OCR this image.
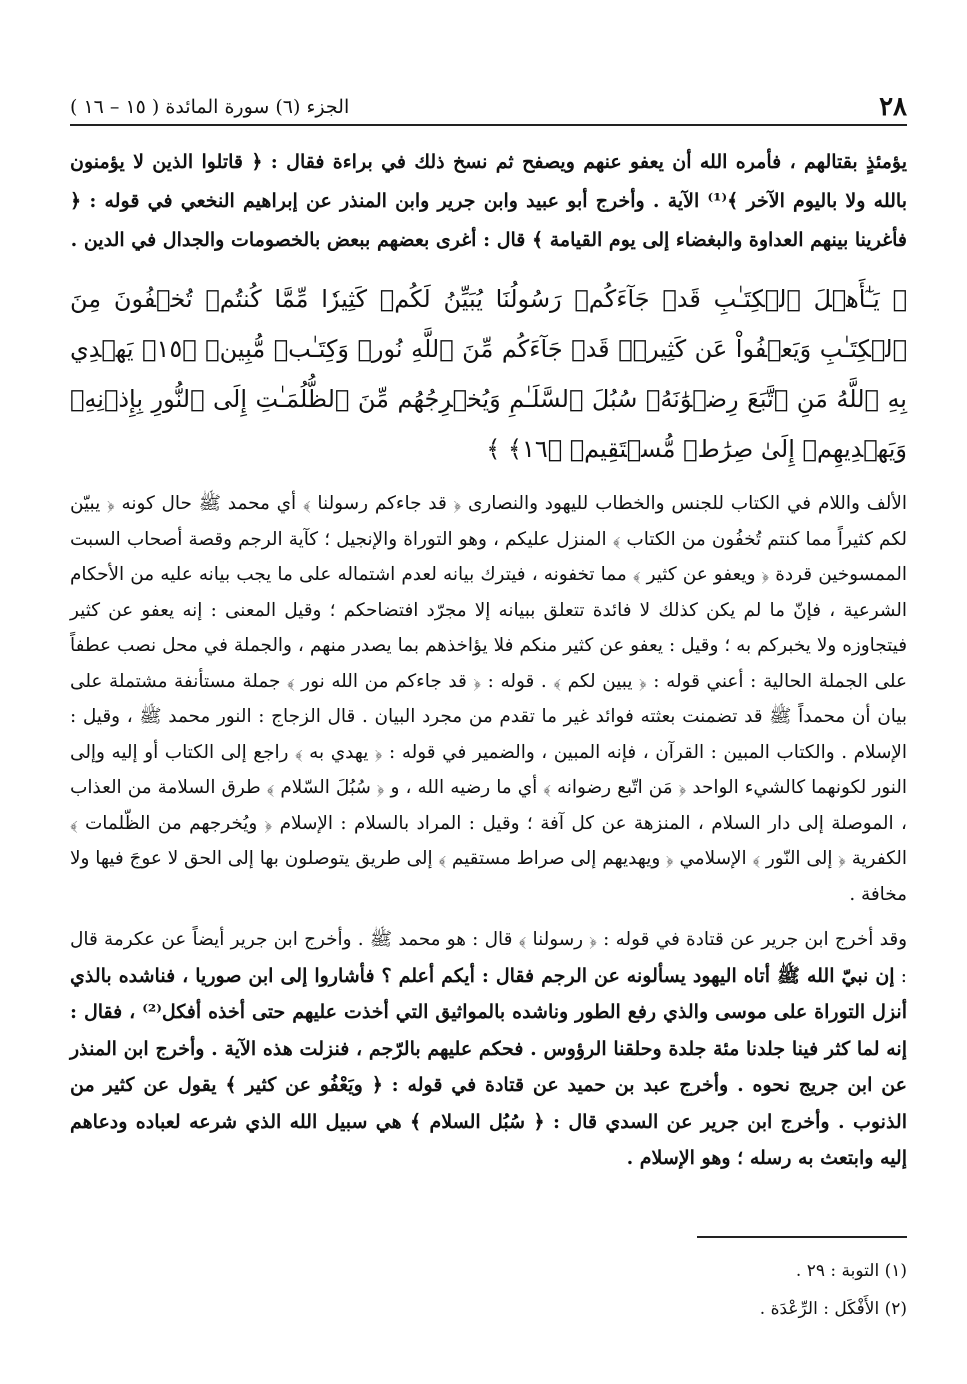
٢٨
الجزء (٦) سورة المائدة ( ١٥ – ١٦ )

يؤمئذٍ بقتالهم ، فأمره الله أن يعفو عنهم ويصفح ثم نسخ ذلك في براءة فقال : ﴿ قاتلوا الذين لا يؤمنون بالله ولا باليوم الآخر ﴾⁽¹⁾ الآية . وأخرج أبو عبيد وابن جرير وابن المنذر عن إبراهيم النخعي في قوله : ﴿ فأغرينا بينهم العداوة والبغضاء إلى يوم القيامة ﴾ قال : أغرى بعضهم ببعض بالخصومات والجدال في الدين .

﴿ يَـٰٓأَهۡلَ ٱلۡكِتَـٰبِ قَدۡ جَآءَكُمۡ رَسُولُنَا يُبَيِّنُ لَكُمۡ كَثِيرٗا مِّمَّا كُنتُمۡ تُخۡفُونَ مِنَ ٱلۡكِتَـٰبِ وَيَعۡفُواْ عَن كَثِيرٖۚ قَدۡ جَآءَكُم مِّنَ ٱللَّهِ نُورٞ وَكِتَـٰبٞ مُّبِينٞ ﴿١٥﴾ يَهۡدِي بِهِ ٱللَّهُ مَنِ ٱتَّبَعَ رِضۡوَٰنَهُۥ سُبُلَ ٱلسَّلَـٰمِ وَيُخۡرِجُهُم مِّنَ ٱلظُّلُمَـٰتِ إِلَى ٱلنُّورِ بِإِذۡنِهِۦ وَيَهۡدِيهِمۡ إِلَىٰ صِرَٰطٖ مُّسۡتَقِيمٖ ﴿١٦﴾ ﴾

الألف واللام في الكتاب للجنس والخطاب لليهود والنصارى ﴿ قد جاءكم رسولنا ﴾ أي محمد ﷺ حال كونه ﴿ يبيّن لكم كثيراً مما كنتم تُخفُون من الكتاب ﴾ المنزل عليكم ، وهو التوراة والإنجيل ؛ كآية الرجم وقصة أصحاب السبت الممسوخين قردة ﴿ ويعفو عن كثير ﴾ مما تخفونه ، فيترك بيانه لعدم اشتماله على ما يجب بيانه عليه من الأحكام الشرعية ، فإنّ ما لم يكن كذلك لا فائدة تتعلق ببيانه إلا مجرّد افتضاحكم ؛ وقيل المعنى : إنه يعفو عن كثير فيتجاوزه ولا يخبركم به ؛ وقيل : يعفو عن كثير منكم فلا يؤاخذهم بما يصدر منهم ، والجملة في محل نصب عطفاً على الجملة الحالية : أعني قوله : ﴿ يبين لكم ﴾ . قوله : ﴿ قد جاءكم من الله نور ﴾ جملة مستأنفة مشتملة على بيان أن محمداً ﷺ قد تضمنت بعثته فوائد غير ما تقدم من مجرد البيان . قال الزجاج : النور محمد ﷺ ، وقيل : الإسلام . والكتاب المبين : القرآن ، فإنه المبين ، والضمير في قوله : ﴿ يهدي به ﴾ راجع إلى الكتاب أو إليه وإلى النور لكونهما كالشيء الواحد ﴿ مَن اتّبع رضوانه ﴾ أي ما رضيه الله ، و ﴿ سُبُلَ السّلام ﴾ طرق السلامة من العذاب ، الموصلة إلى دار السلام ، المنزهة عن كل آفة ؛ وقيل : المراد بالسلام : الإسلام ﴿ ويُخرجهم من الظّلمات ﴾ الكفرية ﴿ إلى النّور ﴾ الإسلامي ﴿ ويهديهم إلى صراط مستقيم ﴾ إلى طريق يتوصلون بها إلى الحق لا عوجَ فيها ولا مخافة .

وقد أخرج ابن جرير عن قتادة في قوله : ﴿ رسولنا ﴾ قال : هو محمد ﷺ . وأخرج ابن جرير أيضاً عن عكرمة قال : إن نبيّ الله ﷺ أتاه اليهود يسألونه عن الرجم فقال : أيكم أعلم ؟ فأشاروا إلى ابن صوريا ، فناشده بالذي أنزل التوراة على موسى والذي رفع الطور وناشده بالمواثيق التي أخذت عليهم حتى أخذه أفكل⁽²⁾ ، فقال : إنه لما كثر فينا جلدنا مئة جلدة وحلقنا الرؤوس . فحكم عليهم بالرّجم ، فنزلت هذه الآية . وأخرج ابن المنذر عن ابن جريج نحوه . وأخرج عبد بن حميد عن قتادة في قوله : ﴿ ويَعْفُو عن كثير ﴾ يقول عن كثير من الذنوب . وأخرج ابن جرير عن السدي قال : ﴿ سُبُل السلام ﴾ هي سبيل الله الذي شرعه لعباده ودعاهم إليه وابتعث به رسله ؛ وهو الإسلام .

(١) التوبة : ٢٩ .
(٢) الأَفْكَل : الرِّعْدَة .
